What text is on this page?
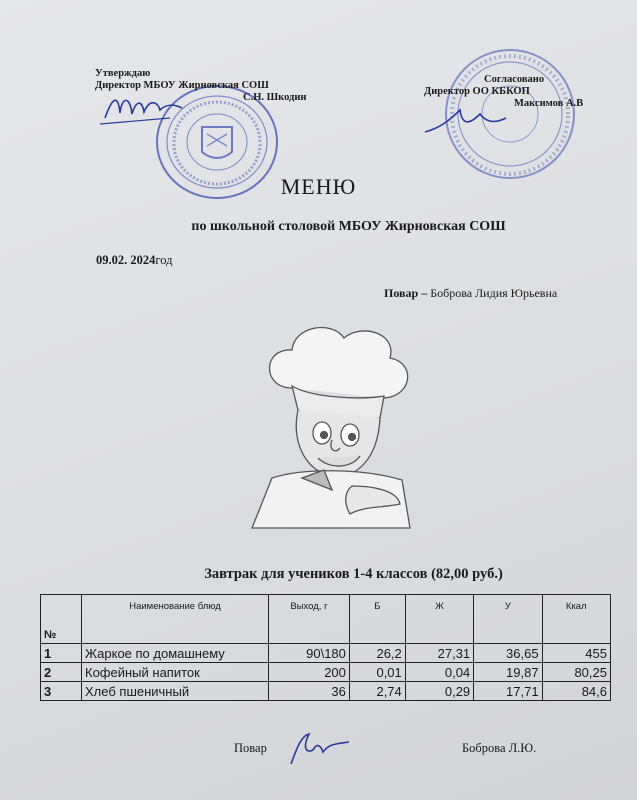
Утверждаю
Директор МБОУ Жирновская СОШ
С.Н. Шкодин
Согласовано
Директор ОО КБКОП
Максимов А.В
МЕНЮ
по школьной столовой МБОУ Жирновская СОШ
09.02. 2024год
Повар – Боброва Лидия Юрьевна
Завтрак для учеников 1-4 классов (82,00 руб.)
№	Наименование блюд	Выход, г	Б	Ж	У	Ккал
1	Жаркое по домашнему	90\180	26,2	27,31	36,65	455
2	Кофейный напиток	200	0,01	0,04	19,87	80,25
3	Хлеб пшеничный	36	2,74	0,29	17,71	84,6
Повар	Боброва Л.Ю.
